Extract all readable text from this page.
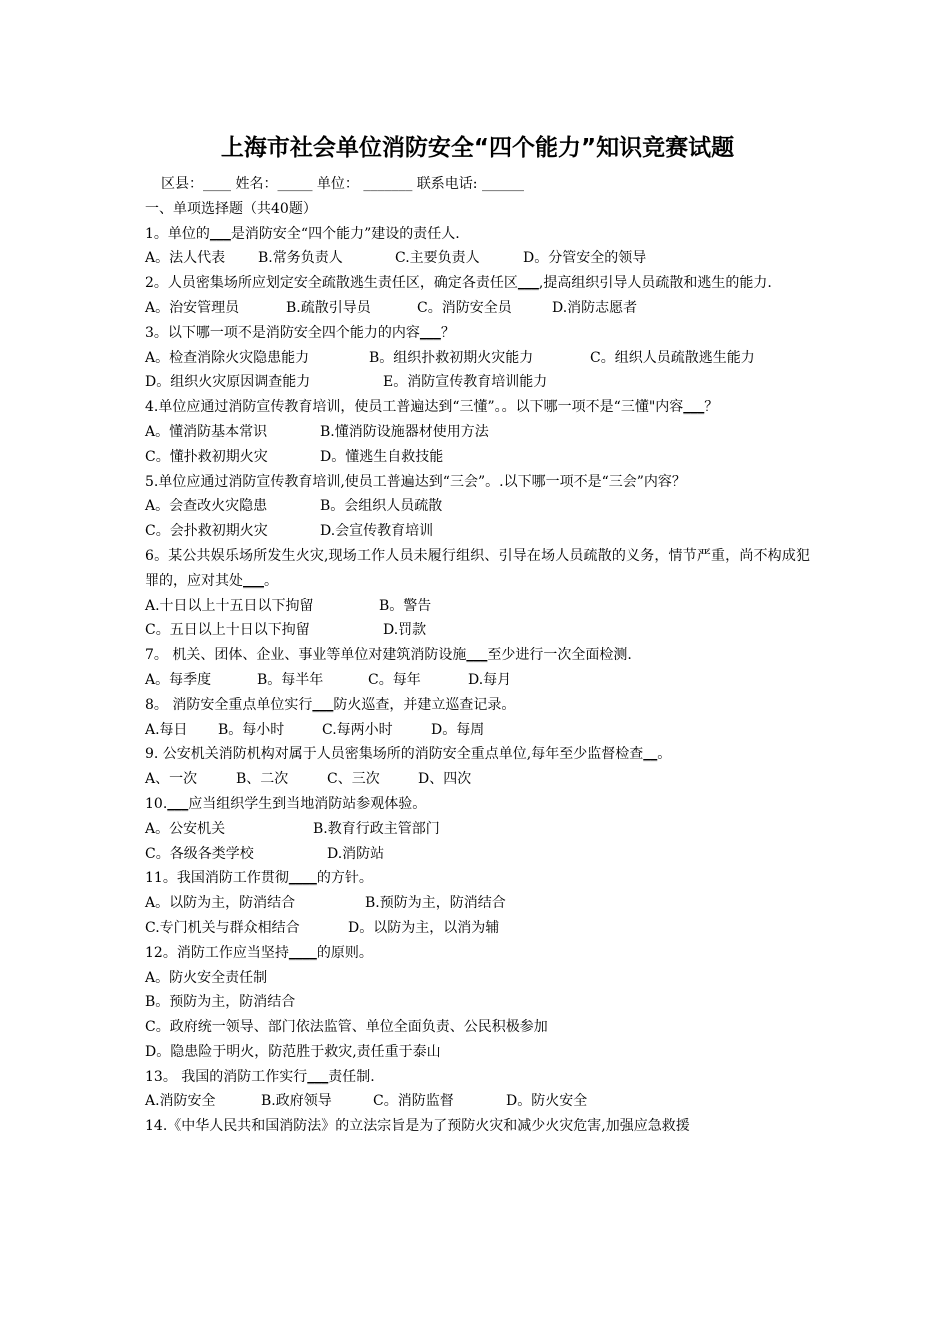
上海市社会单位消防安全“四个能力”知识竞赛试题
区县：____ 姓名：_____ 单位： _______ 联系电话: ______
一、单项选择题（共40题）
1。单位的___是消防安全“四个能力”建设的责任人.
A。法人代表 B.常务负责人	C.主要负责人	D。分管安全的领导
2。人员密集场所应划定安全疏散逃生责任区，确定各责任区___,提高组织引导人员疏散和逃生的能力.
A。治安管理员	B.疏散引导员	C。消防安全员	D.消防志愿者
3。以下哪一项不是消防安全四个能力的内容___？
A。检查消除火灾隐患能力	B。组织扑救初期火灾能力	C。组织人员疏散逃生能力
D。组织火灾原因调查能力	E。消防宣传教育培训能力
4.单位应通过消防宣传教育培训，使员工普遍达到“三懂”。。以下哪一项不是“三懂"内容___？
A。懂消防基本常识	B.懂消防设施器材使用方法
C。懂扑救初期火灾	D。懂逃生自救技能
5.单位应通过消防宣传教育培训,使员工普遍达到“三会”。.以下哪一项不是“三会”内容？
A。会查改火灾隐患	B。会组织人员疏散
C。会扑救初期火灾	D.会宣传教育培训
6。某公共娱乐场所发生火灾,现场工作人员未履行组织、引导在场人员疏散的义务，情节严重，尚不构成犯罪的，应对其处___。
A.十日以上十五日以下拘留	B。警告
C。五日以上十日以下拘留	D.罚款
7。 机关、团体、企业、事业等单位对建筑消防设施___至少进行一次全面检测.
A。每季度	B。每半年	C。每年	D.每月
8。 消防安全重点单位实行___防火巡查，并建立巡查记录。
A.每日 B。每小时	C.每两小时	D。每周
9. 公安机关消防机构对属于人员密集场所的消防安全重点单位,每年至少监督检查__。
A、一次	B、二次	C、三次	D、四次
10.___应当组织学生到当地消防站参观体验。
A。公安机关	B.教育行政主管部门
C。各级各类学校	D.消防站
11。我国消防工作贯彻____的方针。
A。以防为主，防消结合	B.预防为主，防消结合
C.专门机关与群众相结合	D。以防为主，以消为辅
12。消防工作应当坚持____的原则。
A。防火安全责任制
B。预防为主，防消结合
C。政府统一领导、部门依法监管、单位全面负责、公民积极参加
D。隐患险于明火，防范胜于救灾,责任重于泰山
13。 我国的消防工作实行___责任制.
A.消防安全	B.政府领导	C。消防监督	D。防火安全
14.《中华人民共和国消防法》的立法宗旨是为了预防火灾和减少火灾危害,加强应急救援
